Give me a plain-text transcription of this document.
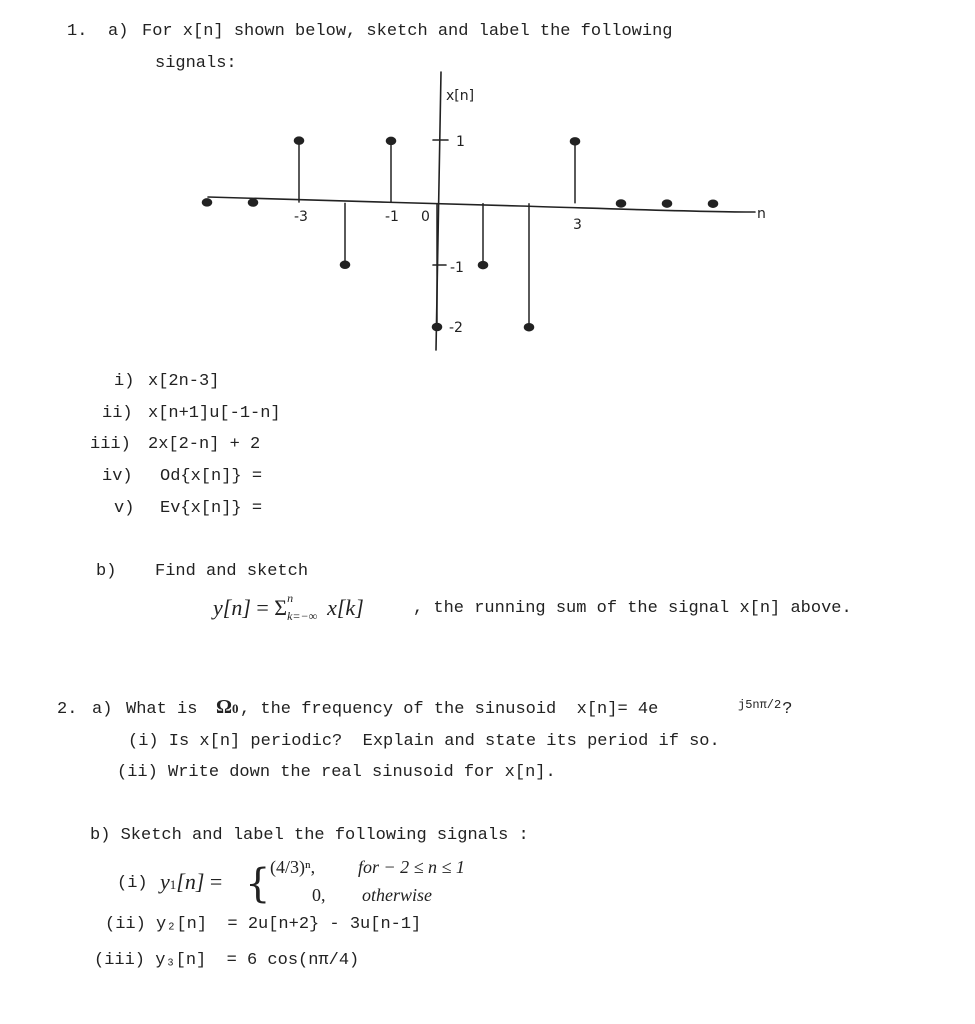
1. a) For x[n] shown below, sketch and label the following
signals:
x[n]
n
-3	-1 0	3
1
-1
-2
i) x[2n-3]
ii) x[n+1]u[-1-n]
iii) 2x[2-n] + 2
iv) Od{x[n]} =
v) Ev{x[n]} =
b) Find and sketch
y[n] = Σ n
k=−∞ x[k]	, the running sum of the signal x[n] above.
2. a) What is Ω0 , the frequency of the sinusoid  x[n]= 4e	j5nπ/2
?
(i) Is x[n] periodic?  Explain and state its period if so.
(ii) Write down the real sinusoid for x[n].
b) Sketch and label the following signals :
(i) y1[n] = { (4/3)ⁿ, for − 2 ≤ n ≤ 1
0, otherwise
(ii) y₂[n]  = 2u[n+2} - 3u[n-1]
(iii) y₃[n]  = 6 cos(nπ/4)
